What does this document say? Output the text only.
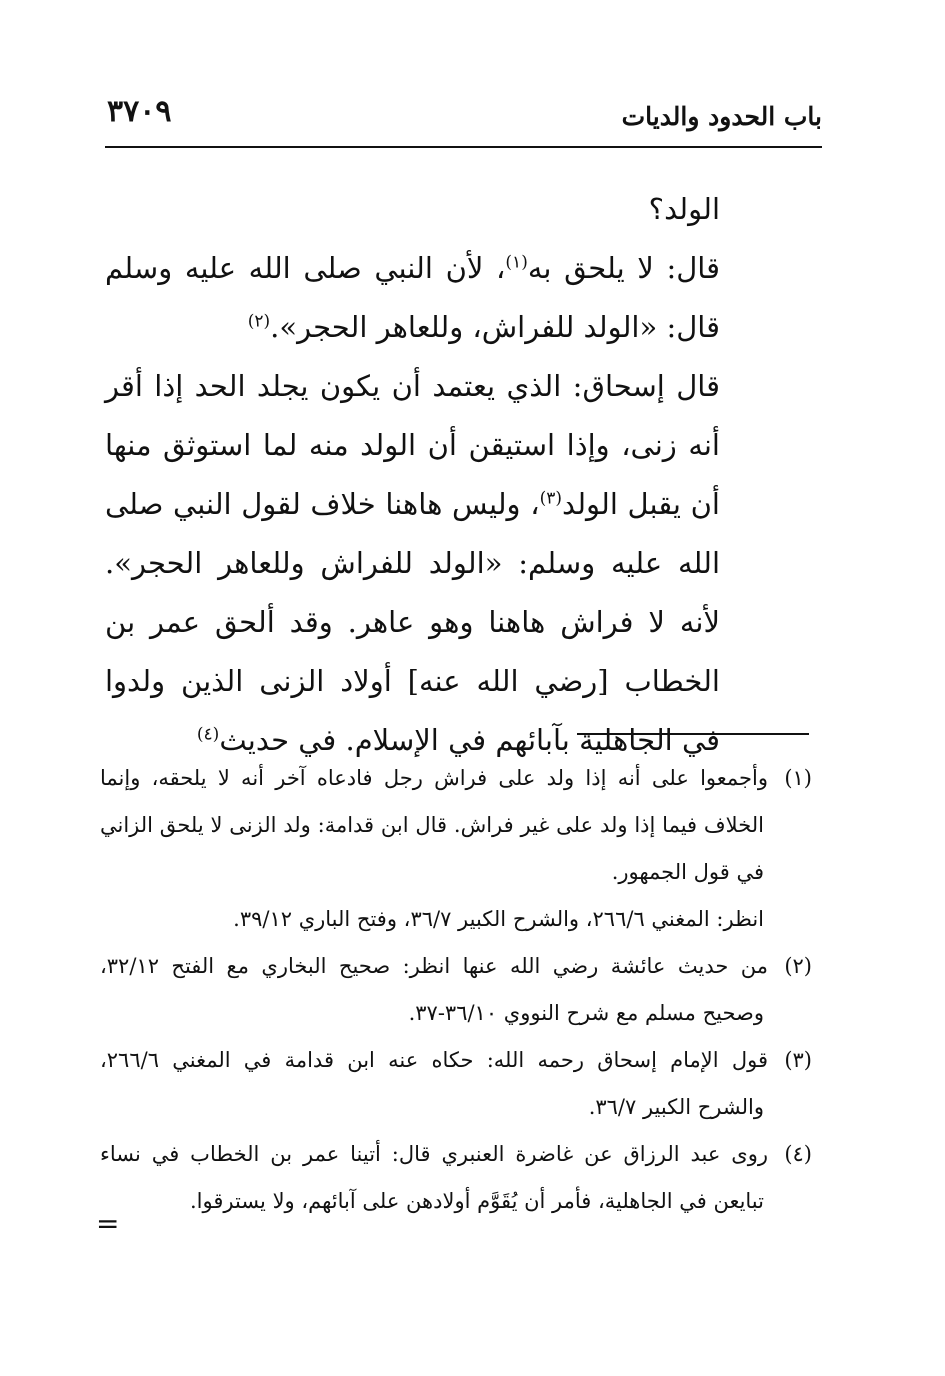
باب الحدود والديات
٣٧٠٩

الولد؟

قال: لا يلحق به$^{(١)}$، لأن النبي صلى الله عليه وسلم قال: «الولد للفراش، وللعاهر الحجر».$^{(٢)}$

قال إسحاق: الذي يعتمد أن يكون يجلد الحد إذا أقر أنه زنى، وإذا استيقن أن الولد منه لما استوثق منها أن يقبل الولد$^{(٣)}$، وليس هاهنا خلاف لقول النبي صلى الله عليه وسلم: «الولد للفراش وللعاهر الحجر». لأنه لا فراش هاهنا وهو عاهر. وقد ألحق عمر بن الخطاب [رضي الله عنه] أولاد الزنى الذين ولدوا في الجاهلية بآبائهم في الإسلام. في حديث$^{(٤)}$

(١)وأجمعوا على أنه إذا ولد على فراش رجل فادعاه آخر أنه لا يلحقه، وإنما الخلاف فيما إذا ولد على غير فراش. قال ابن قدامة: ولد الزنى لا يلحق الزاني في قول الجمهور.

انظر: المغني ٢٦٦/٦، والشرح الكبير ٣٦/٧، وفتح الباري ٣٩/١٢.

(٢)من حديث عائشة رضي الله عنها انظر: صحيح البخاري مع الفتح ٣٢/١٢، وصحيح مسلم مع شرح النووي ٣٦/١٠-٣٧.

(٣)قول الإمام إسحاق رحمه الله: حكاه عنه ابن قدامة في المغني ٢٦٦/٦، والشرح الكبير ٣٦/٧.

(٤)روى عبد الرزاق عن غاضرة العنبري قال: أتينا عمر بن الخطاب في نساء تبايعن في الجاهلية، فأمر أن يُقَوَّم أولادهن على آبائهم، ولا يسترقوا.

=
